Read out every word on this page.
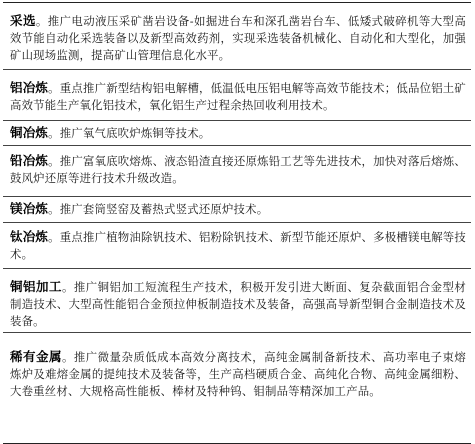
采选。推广电动液压采矿凿岩设备-如掘进台车和深孔凿岩台车、低矮式破碎机等大型高效节能自动化采选装备以及新型高效药剂，实现采选装备机械化、自动化和大型化，加强矿山现场监测，提高矿山管理信息化水平。

铝冶炼。重点推广新型结构铝电解槽，低温低电压铝电解等高效节能技术；低品位铝土矿高效节能生产氧化铝技术，氧化铝生产过程余热回收利用技术。

铜冶炼。推广氧气底吹炉炼铜等技术。

铅冶炼。推广富氧底吹熔炼、液态铅渣直接还原炼铅工艺等先进技术，加快对落后熔炼、鼓风炉还原等进行技术升级改造。

镁冶炼。推广套筒竖窑及蓄热式竖式还原炉技术。

钛冶炼。重点推广植物油除钒技术、铝粉除钒技术、新型节能还原炉、多极槽镁电解等技术。

铜铝加工。推广铜铝加工短流程生产技术，积极开发引进大断面、复杂截面铝合金型材制造技术、大型高性能铝合金预拉伸板制造技术及装备，高强高导新型铜合金制造技术及装备。

稀有金属。推广微量杂质低成本高效分离技术，高纯金属制备新技术、高功率电子束熔炼炉及难熔金属的提纯技术及装备等，生产高档硬质合金、高纯化合物、高纯金属细粉、大卷重丝材、大规格高性能板、棒材及特种钨、钼制品等精深加工产品。
